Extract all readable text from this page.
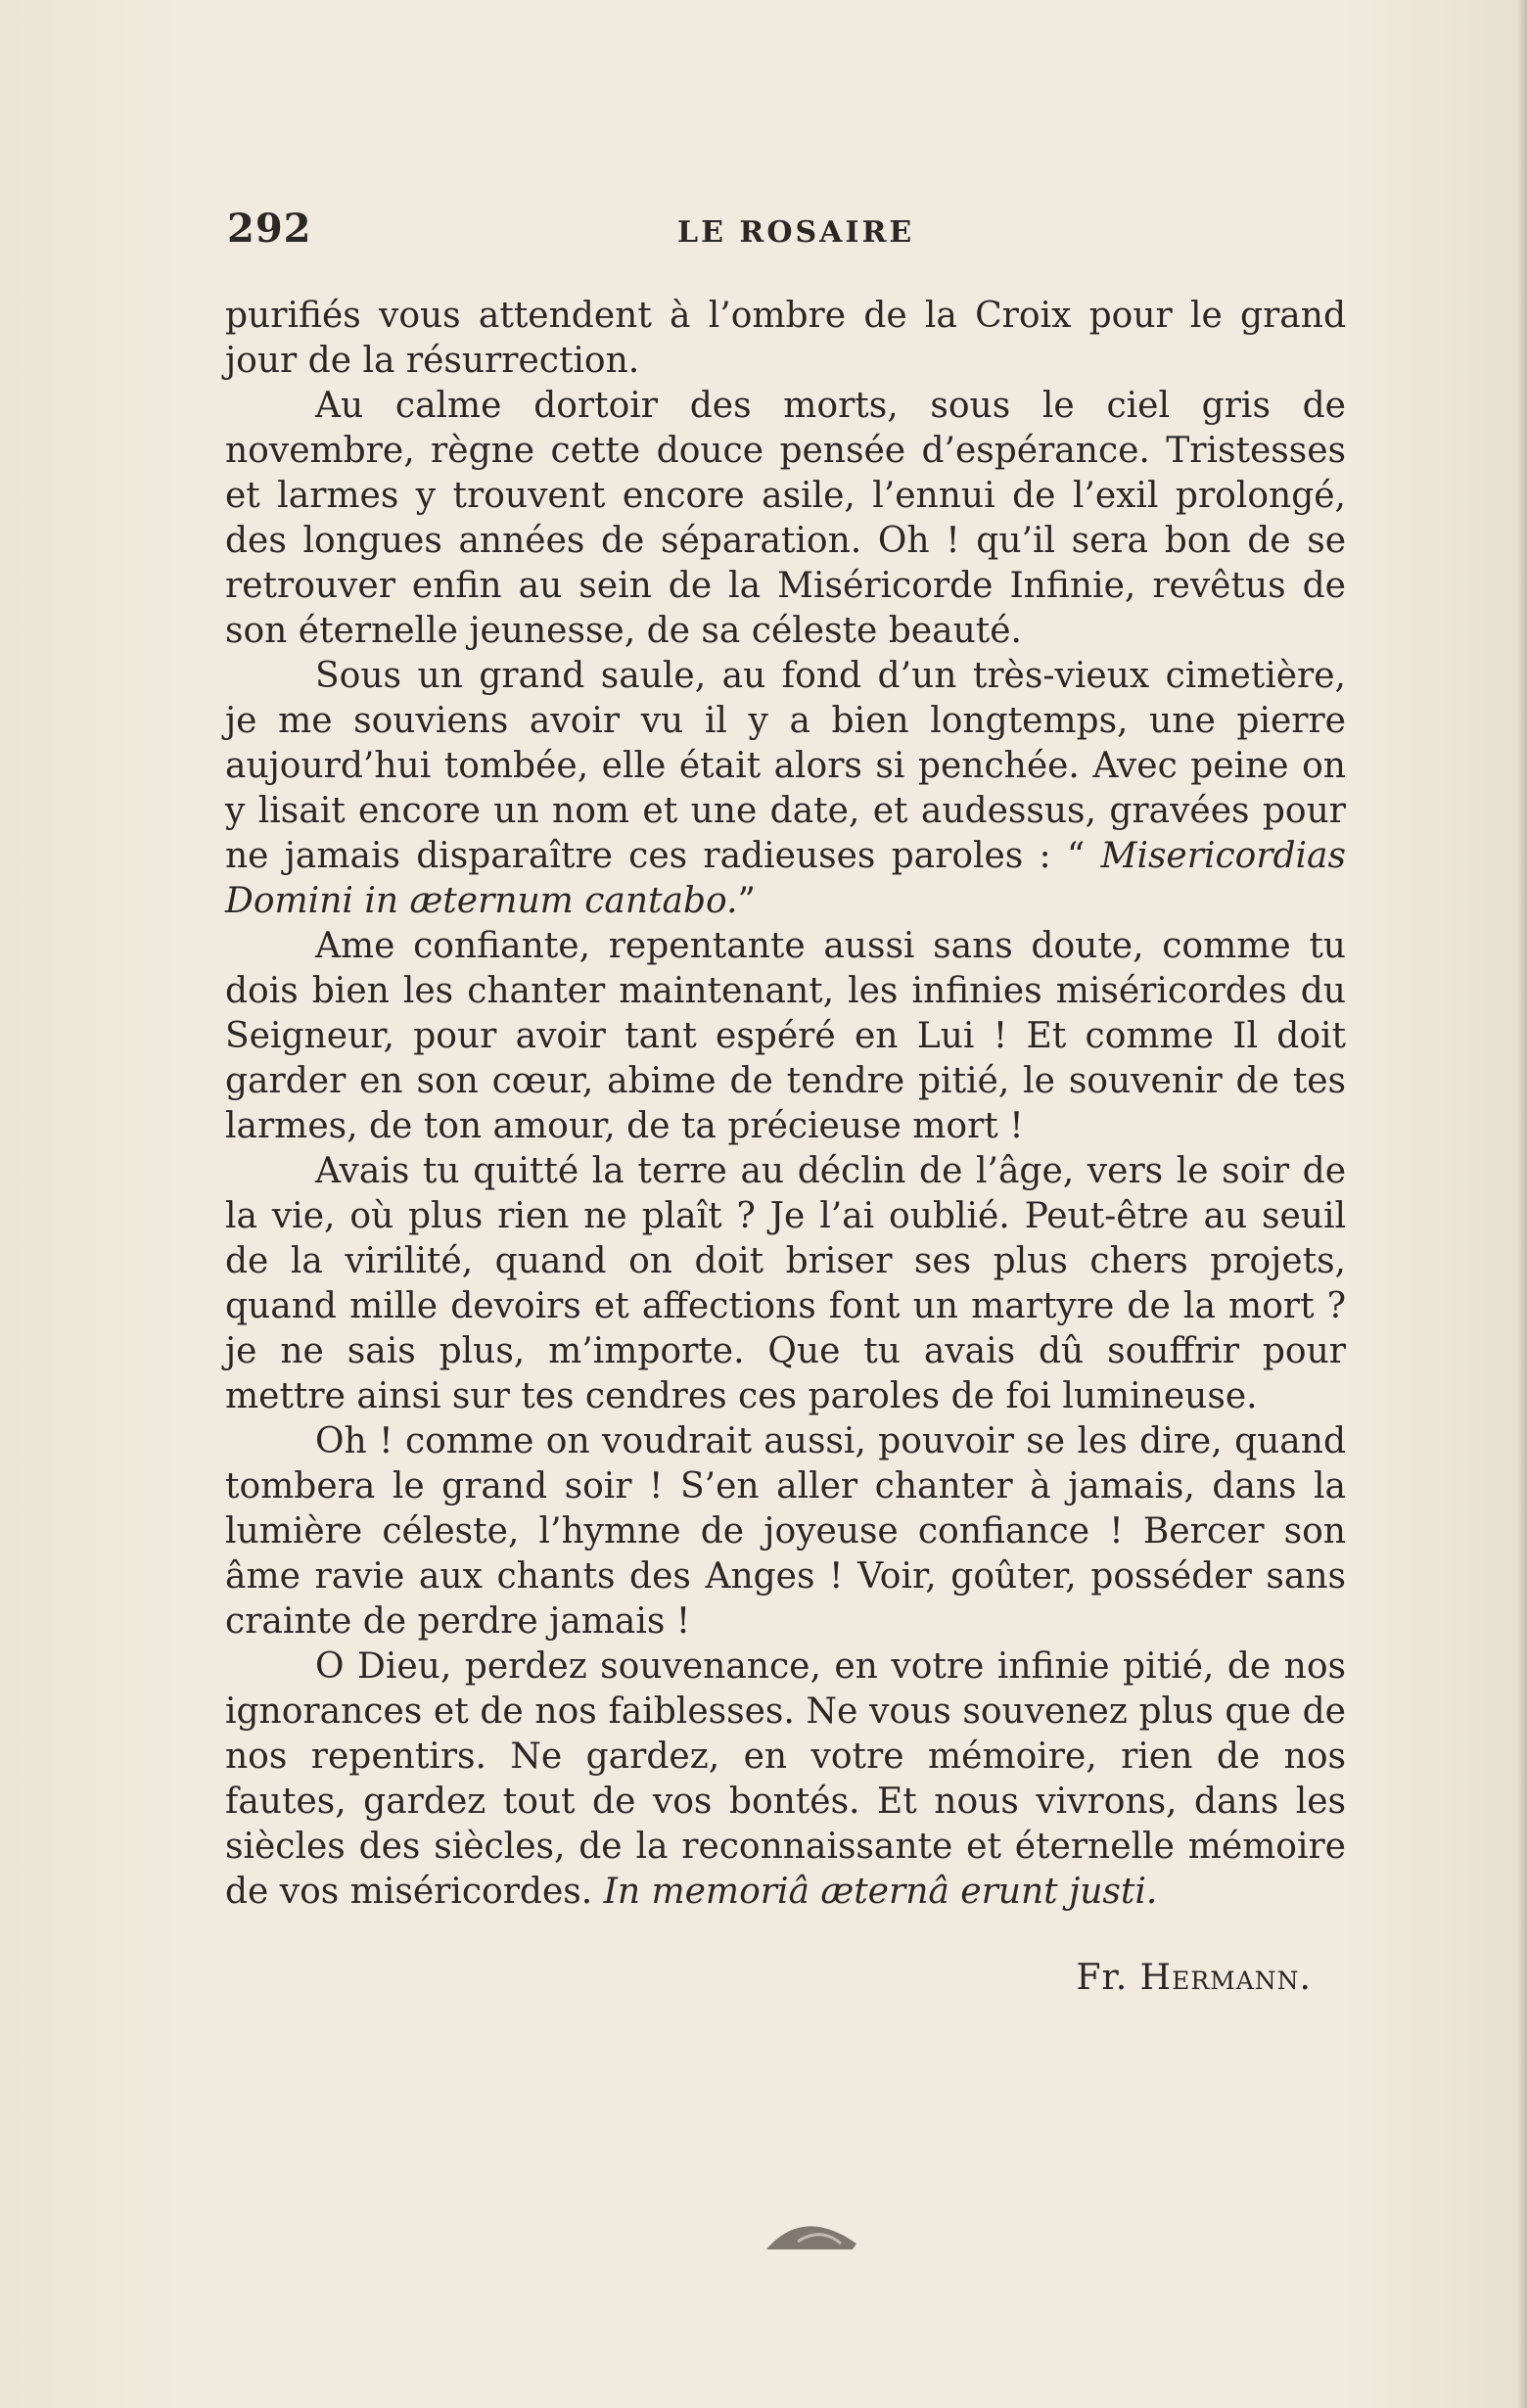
292	LE ROSAIRE

purifiés vous attendent à l’ombre de la Croix pour le grand jour de la résurrection.

Au calme dortoir des morts, sous le ciel gris de novembre, règne cette douce pensée d’espérance. Tristesses et larmes y trouvent encore asile, l’ennui de l’exil prolongé, des longues années de séparation. Oh ! qu’il sera bon de se retrouver enfin au sein de la Miséricorde Infinie, revêtus de son éternelle jeunesse, de sa céleste beauté.

Sous un grand saule, au fond d’un très-vieux cimetière, je me souviens avoir vu il y a bien longtemps, une pierre aujourd’hui tombée, elle était alors si penchée. Avec peine on y lisait encore un nom et une date, et audessus, gravées pour ne jamais disparaître ces radieuses paroles : “ Misericordias Domini in æternum cantabo.”

Ame confiante, repentante aussi sans doute, comme tu dois bien les chanter maintenant, les infinies miséricordes du Seigneur, pour avoir tant espéré en Lui ! Et comme Il doit garder en son cœur, abime de tendre pitié, le souvenir de tes larmes, de ton amour, de ta précieuse mort !

Avais tu quitté la terre au déclin de l’âge, vers le soir de la vie, où plus rien ne plaît ? Je l’ai oublié. Peut-être au seuil de la virilité, quand on doit briser ses plus chers projets, quand mille devoirs et affections font un martyre de la mort ? je ne sais plus, m’importe. Que tu avais dû souffrir pour mettre ainsi sur tes cendres ces paroles de foi lumineuse.

Oh ! comme on voudrait aussi, pouvoir se les dire, quand tombera le grand soir ! S’en aller chanter à jamais, dans la lumière céleste, l’hymne de joyeuse confiance ! Bercer son âme ravie aux chants des Anges ! Voir, goûter, posséder sans crainte de perdre jamais !

O Dieu, perdez souvenance, en votre infinie pitié, de nos ignorances et de nos faiblesses. Ne vous souvenez plus que de nos repentirs. Ne gardez, en votre mémoire, rien de nos fautes, gardez tout de vos bontés. Et nous vivrons, dans les siècles des siècles, de la reconnaissante et éternelle mémoire de vos miséricordes. In memoriâ æternâ erunt justi.

Fr. Hermann.
